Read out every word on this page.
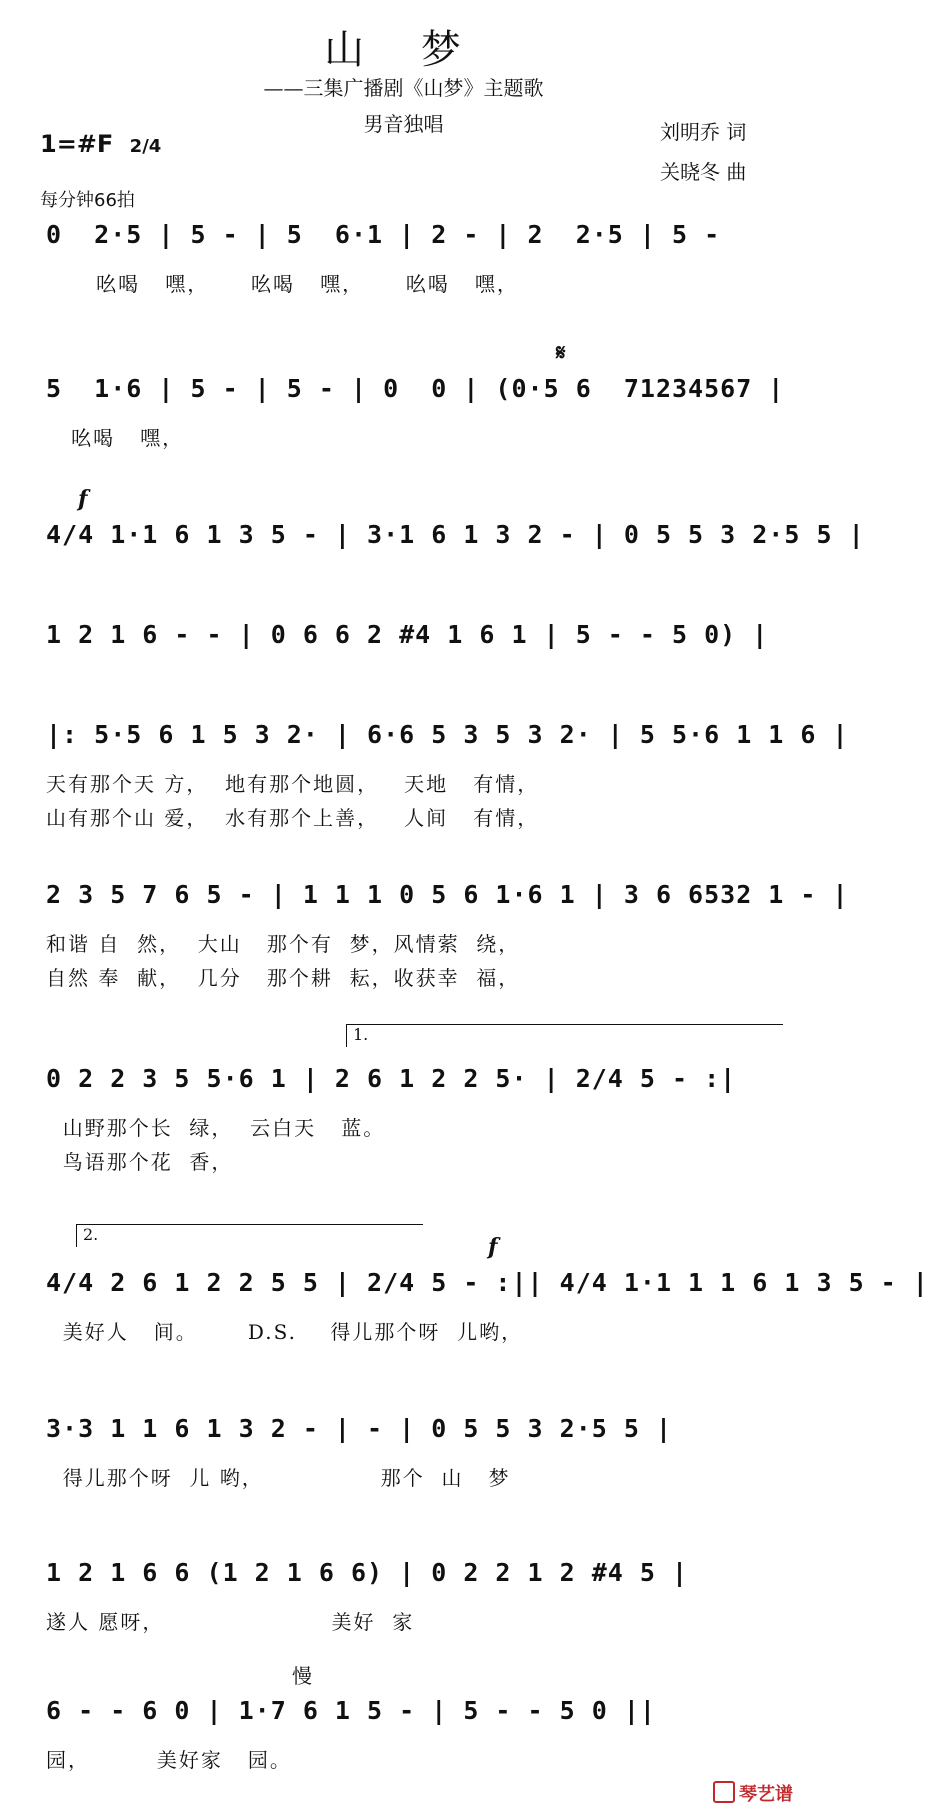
山 梦
——三集广播剧《山梦》主题歌
男音独唱	刘明乔 词
关晓冬 曲
1=#F 2/4
每分钟66拍
0  2·5 | 5 - | 5  6·1 | 2 - | 2  2·5 | 5 -
吆喝   嘿，     吆喝   嘿，     吆喝   嘿，
5  1·6 | 5 - | 5 - | 0  0 | (0·5 6  71234567 |
吆喝   嘿，
𝄋
f
4/4 1·1 6 1 3 5 - | 3·1 6 1 3 2 - | 0 5 5 3 2·5 5 |
1 2 1 6 - - | 0 6 6 2 #4 1 6 1 | 5 - - 5 0) |
|: 5·5 6 1 5 3 2· | 6·6 5 3 5 3 2· | 5 5·6 1 1 6 |
天有那个天 方，  地有那个地圆，   天地   有情，
山有那个山 爱，  水有那个上善，   人间   有情，
2 3 5 7 6 5 - | 1 1 1 0 5 6 1·6 1 | 3 6 6532 1 - |
和谐 自  然，  大山   那个有  梦，风情萦  绕，
自然 奉  献，  几分   那个耕  耘，收获幸  福，
1.
0 2 2 3 5 5·6 1 | 2 6 1 2 2 5· | 2/4 5 - :|
山野那个长  绿，  云白天   蓝。
鸟语那个花  香，
2.	f
4/4 2 6 1 2 2 5 5 | 2/4 5 - :|| 4/4 1·1 1 1 6 1 3 5 - |
美好人   间。      D.S.    得儿那个呀  儿哟，
3·3 1 1 6 1 3 2 - | - | 0 5 5 3 2·5 5 |
得儿那个呀  儿 哟，              那个  山   梦
1 2 1 6 6 (1 2 1 6 6) | 0 2 2 1 2 #4 5 |
遂人 愿呀，                    美好  家
慢
6 - - 6 0 | 1·7 6 1 5 - | 5 - - 5 0 ||
园，        美好家   园。
琴艺谱
